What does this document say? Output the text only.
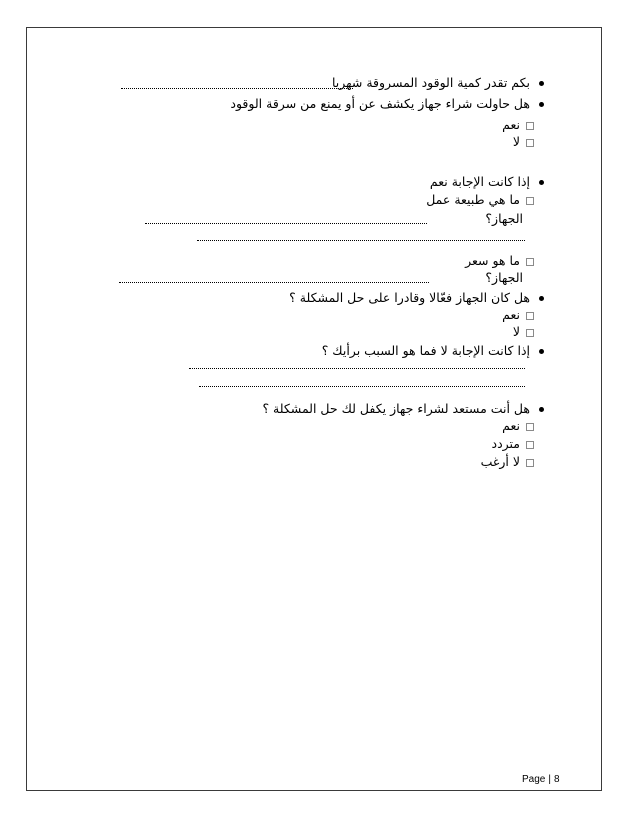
بكم تقدر كمية الوقود المسروقة شهريا
هل حاولت شراء جهاز يكشف عن أو يمنع من سرقة الوقود
نعم
لا
إذا كانت الإجابة نعم
ما هي طبيعة عمل
الجهاز؟
ما هو سعر
الجهاز؟
هل كان الجهاز فعّالا وقادرا على حل المشكلة ؟
نعم
لا
إذا كانت الإجابة لا فما هو السبب برأيك ؟
هل أنت مستعد لشراء جهاز يكفل لك حل المشكلة ؟
نعم
متردد
لا أرغب
Page | 8
